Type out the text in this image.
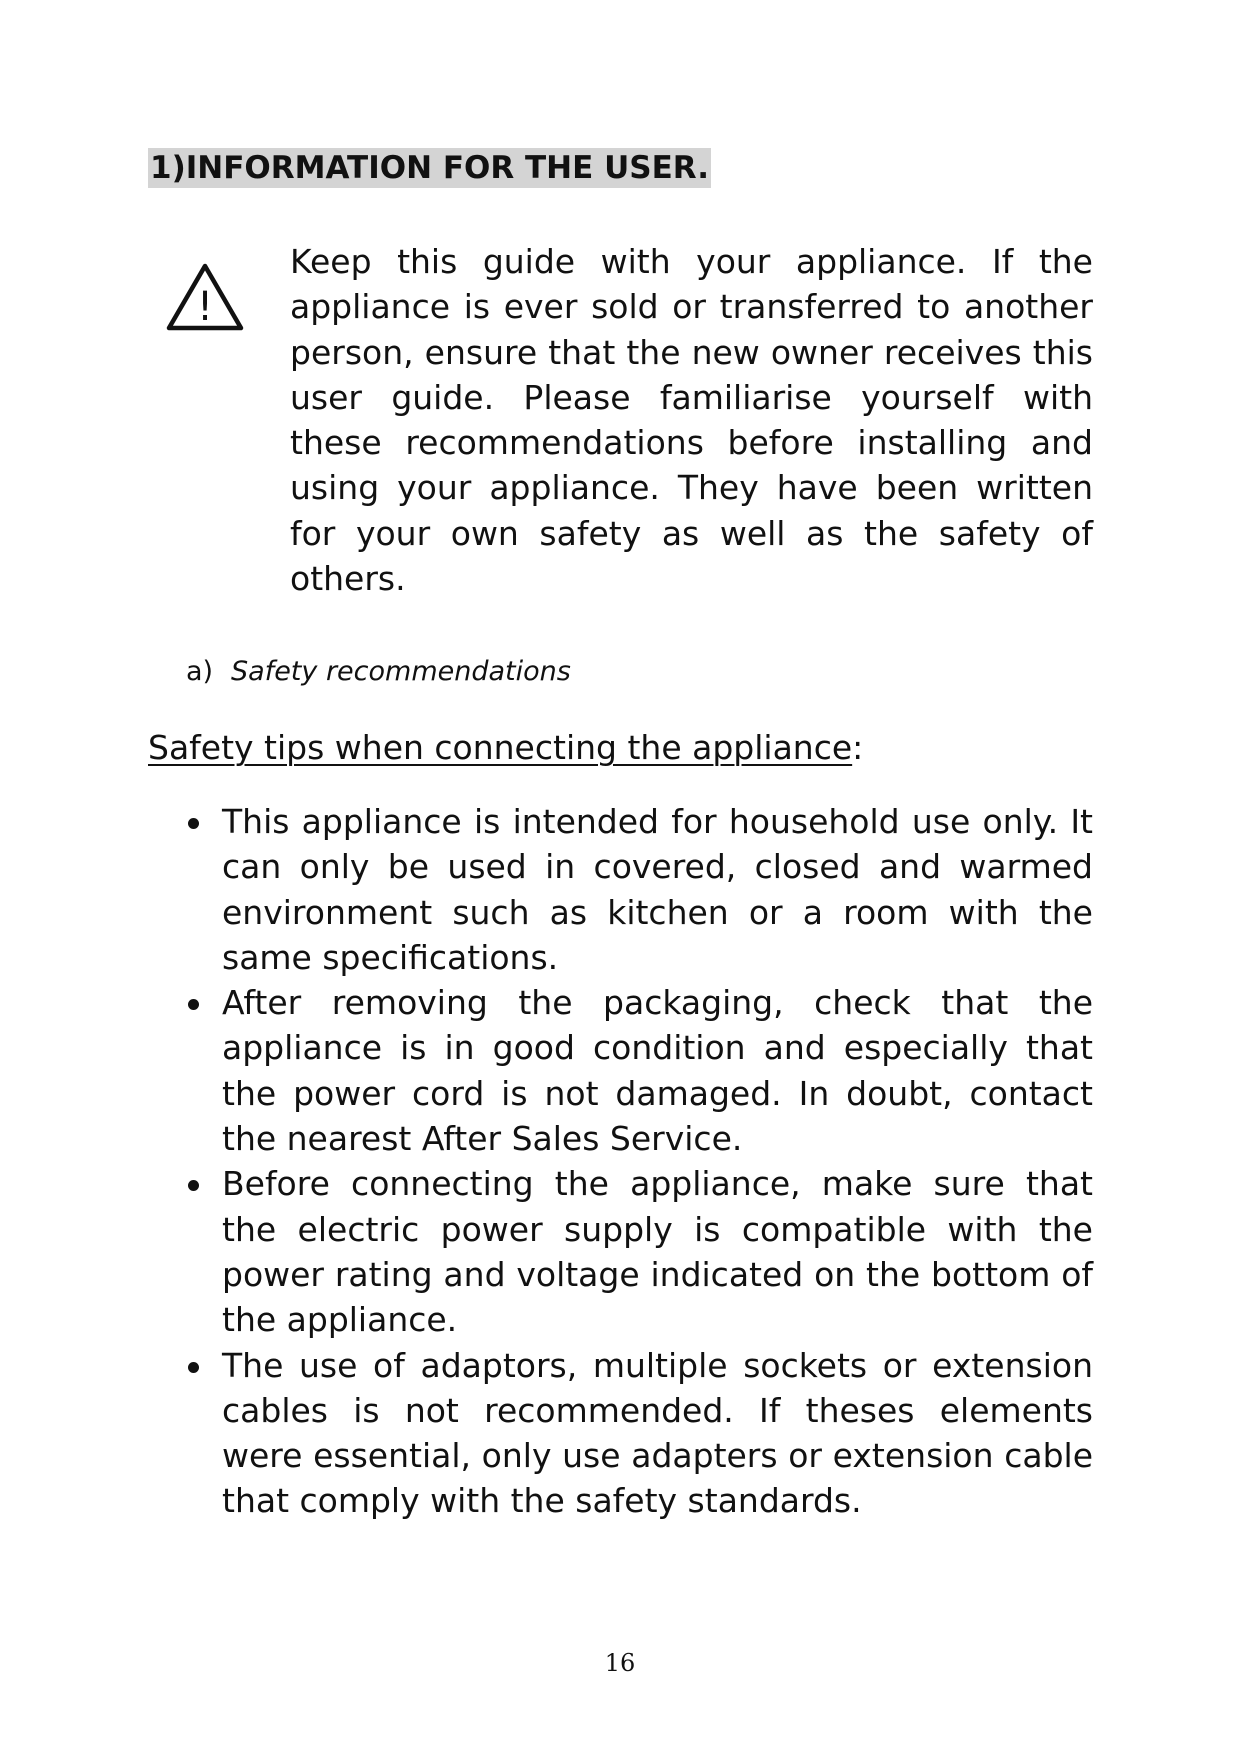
1)INFORMATION FOR THE USER.
!

Keep this guide with your appliance. If the appliance is ever sold or transferred to another person, ensure that the new owner receives this user guide. Please familiarise yourself with these recommendations before installing and using your appliance. They have been written for your own safety as well as the safety of others.

a) Safety recommendations
Safety tips when connecting the appliance:
This appliance is intended for household use only. It can only be used in covered, closed and warmed environment such as kitchen or a room with the same specifications.
After removing the packaging, check that the appliance is in good condition and especially that the power cord is not damaged. In doubt, contact the nearest After Sales Service.
Before connecting the appliance, make sure that the electric power supply is compatible with the power rating and voltage indicated on the bottom of the appliance.
The use of adaptors, multiple sockets or extension cables is not recommended. If theses elements were essential, only use adapters or extension cable that comply with the safety standards.
16
